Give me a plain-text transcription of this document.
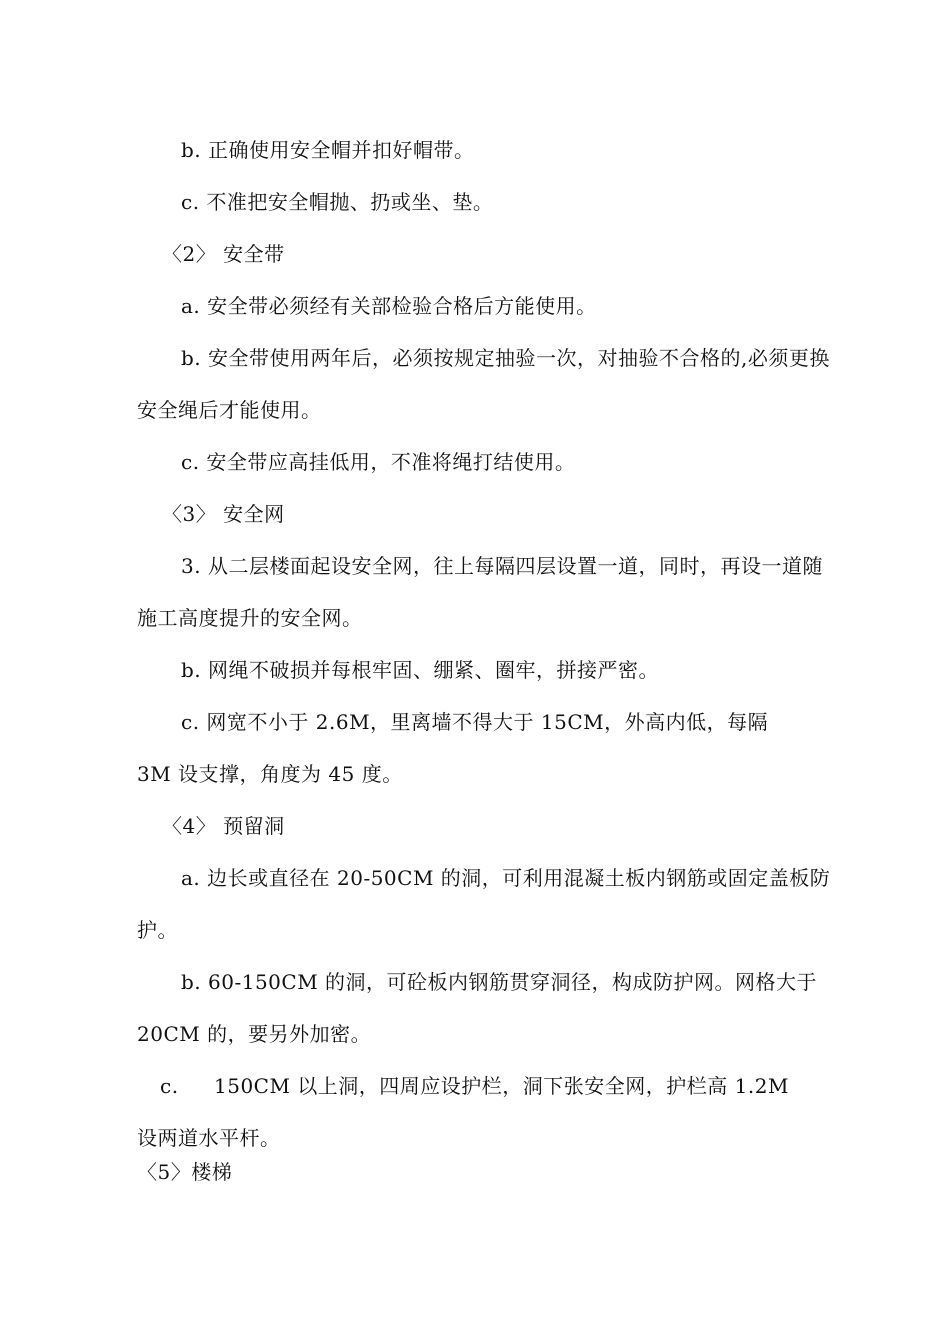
b. 正确使用安全帽并扣好帽带。
c. 不准把安全帽抛、扔或坐、垫。
〈2〉 安全带
a. 安全带必须经有关部检验合格后方能使用。
b. 安全带使用两年后，必须按规定抽验一次，对抽验不合格的,必须更换
安全绳后才能使用。
c. 安全带应高挂低用，不准将绳打结使用。
〈3〉 安全网
3. 从二层楼面起设安全网，往上每隔四层设置一道，同时，再设一道随
施工高度提升的安全网。
b. 网绳不破损并每根牢固、绷紧、圈牢，拼接严密。
c. 网宽不小于 2.6M，里离墙不得大于 15CM，外高内低，每隔
3M 设支撑，角度为 45 度。
〈4〉 预留洞
a. 边长或直径在 20-50CM 的洞，可利用混凝土板内钢筋或固定盖板防
护。
b. 60-150CM 的洞，可砼板内钢筋贯穿洞径，构成防护网。网格大于
20CM 的，要另外加密。
c. 150CM 以上洞，四周应设护栏，洞下张安全网，护栏高 1.2M
设两道水平杆。
〈5〉楼梯
